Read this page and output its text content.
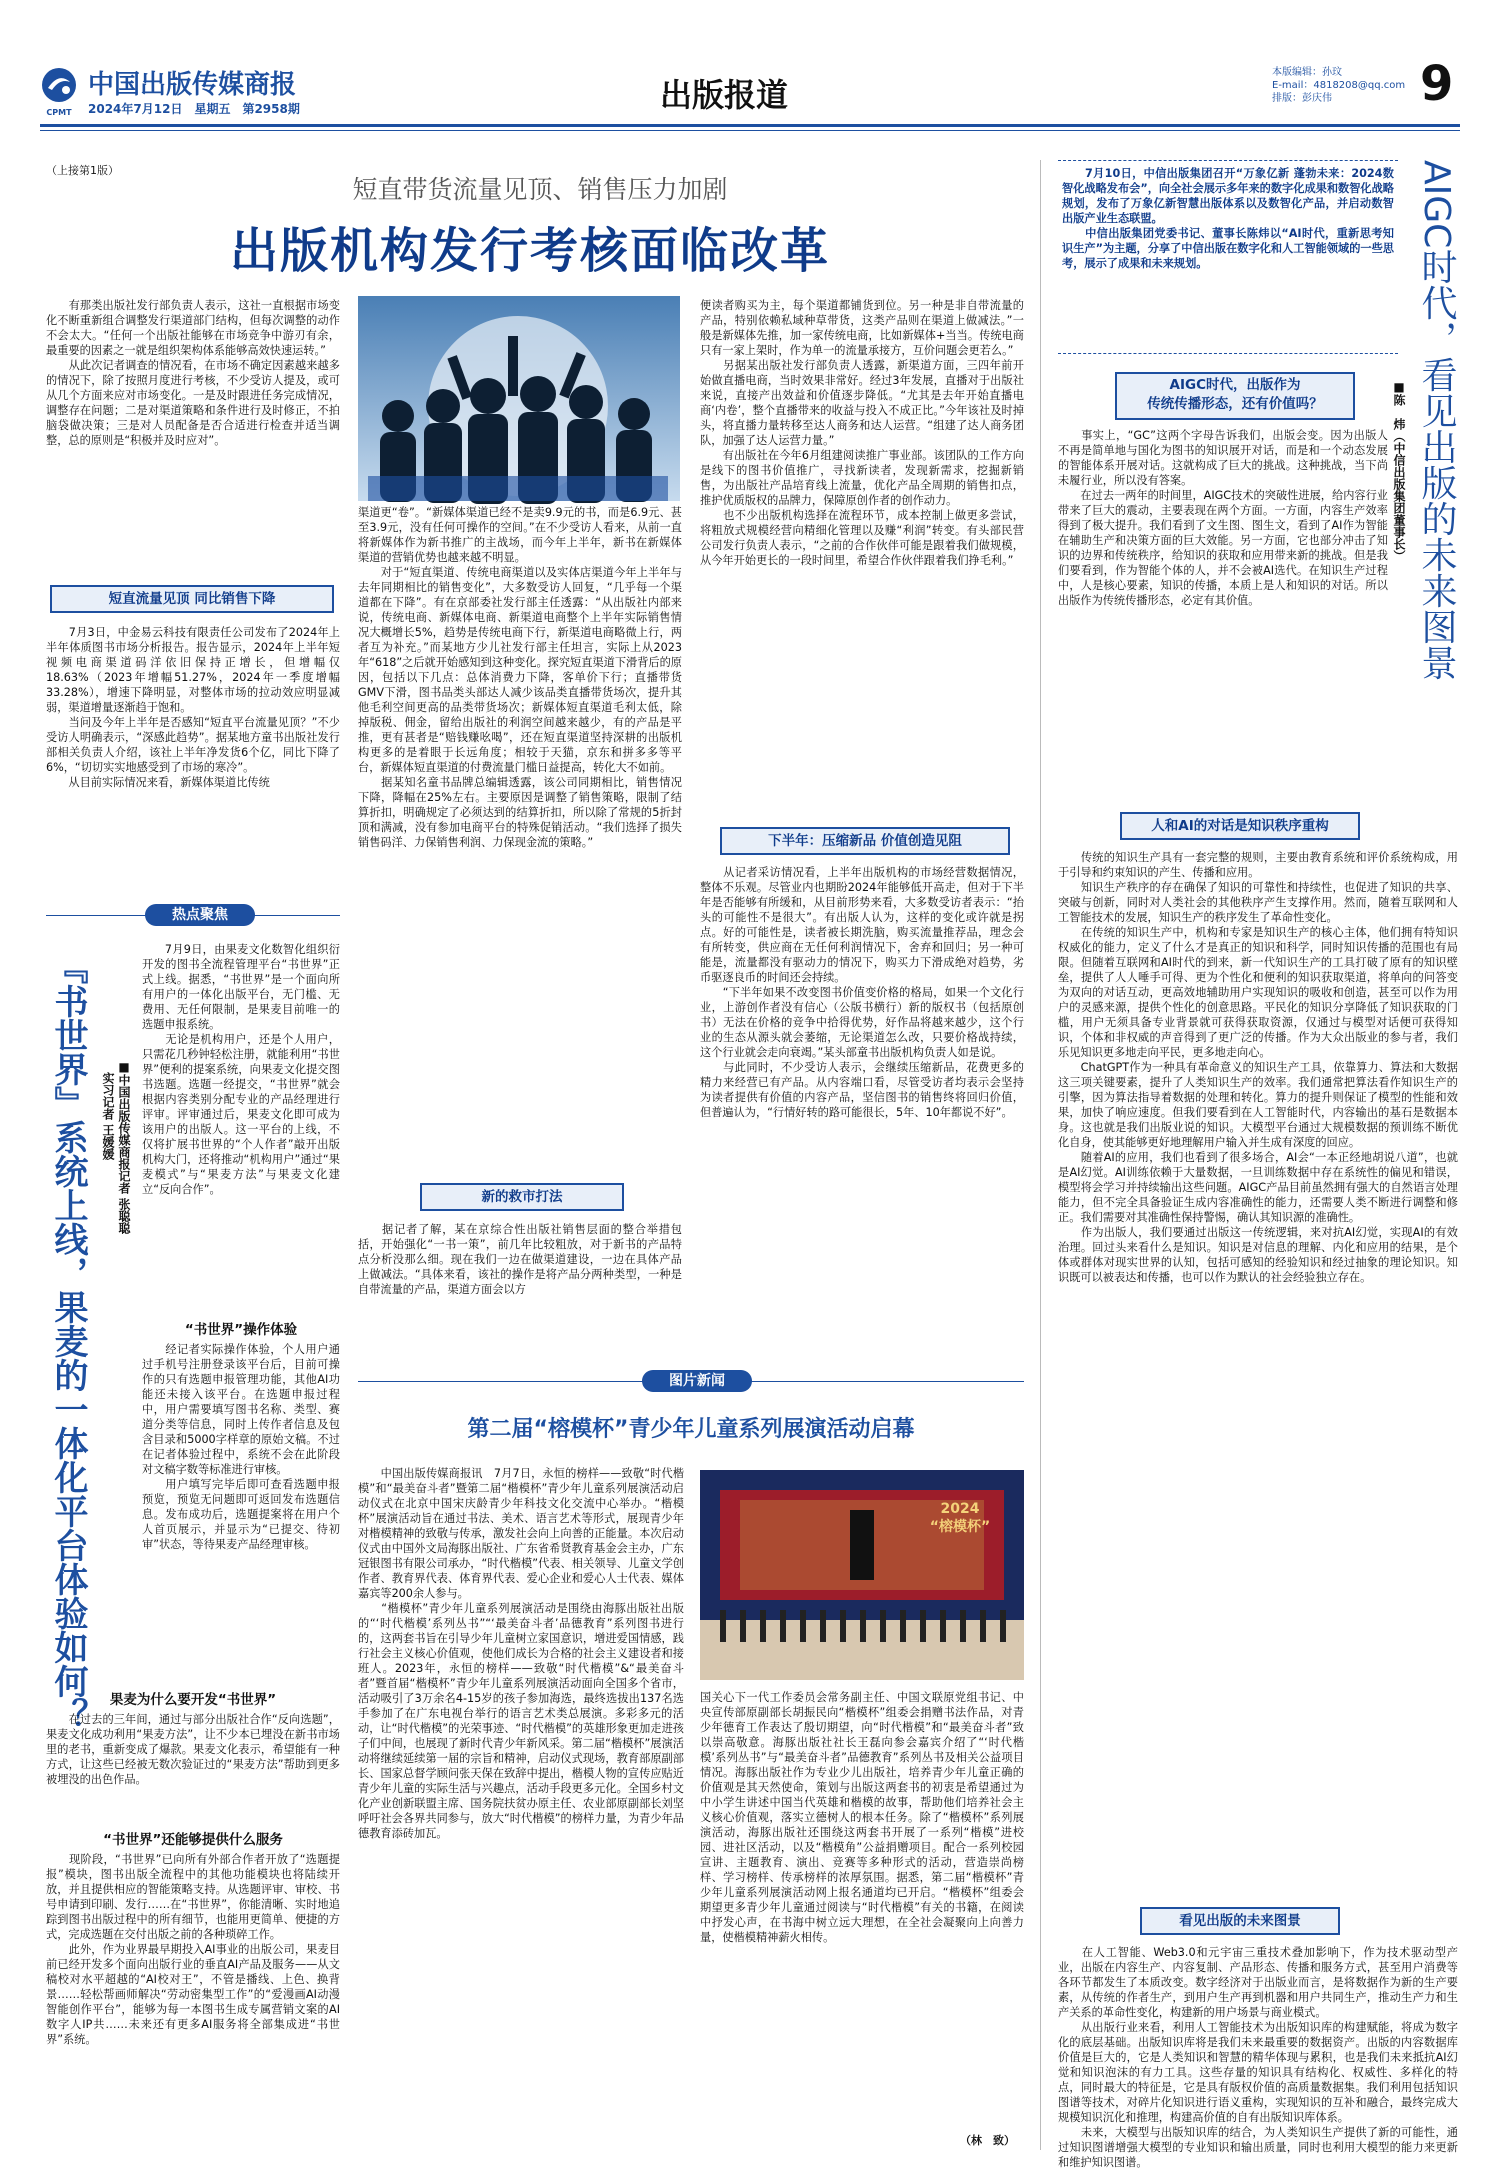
CPMT
中国出版传媒商报
2024年7月12日　星期五　第2958期	出版报道
本版编辑：孙玟
E-mail：4818208@qq.com
排版：彭庆伟	9
（上接第1版）
短直带货流量见顶、销售压力加剧
出版机构发行考核面临改革
　　有那类出版社发行部负责人表示，这社一直根据市场变化不断重新组合调整发行渠道部门结构，但每次调整的动作不会太大。“任何一个出版社能够在市场竞争中游刃有余，最重要的因素之一就是组织架构体系能够高效快速运转。”
　　从此次记者调查的情况看，在市场不确定因素越来越多的情况下，除了按照月度进行考核，不少受访人提及，或可从几个方面来应对市场变化。一是及时跟进任务完成情况，调整存在问题；二是对渠道策略和条件进行及时修正，不拍脑袋做决策；三是对人员配备是否合适进行检查并适当调整，总的原则是“积极并及时应对”。
短直流量见顶 同比销售下降
　　7月3日，中金易云科技有限责任公司发布了2024年上半年体质图书市场分析报告。报告显示，2024年上半年短视频电商渠道码洋依旧保持正增长，但增幅仅18.63%（2023年增幅51.27%，2024年一季度增幅33.28%），增速下降明显，对整体市场的拉动效应明显减弱，渠道增量逐渐趋于饱和。
　　当问及今年上半年是否感知“短直平台流量见顶？”不少受访人明确表示，“深感此趋势”。据某地方童书出版社发行部相关负责人介绍，该社上半年净发货6个亿，同比下降了6%，“切切实实地感受到了市场的寒冷”。
　　从目前实际情况来看，新媒体渠道比传统
渠道更“卷”。“新媒体渠道已经不是卖9.9元的书，而是6.9元、甚至3.9元，没有任何可操作的空间。”在不少受访人看来，从前一直将新媒体作为新书推广的主战场，而今年上半年，新书在新媒体渠道的营销优势也越来越不明显。
　　对于“短直渠道、传统电商渠道以及实体店渠道今年上半年与去年同期相比的销售变化”，大多数受访人回复，“几乎每一个渠道都在下降”。有在京部委社发行部主任透露：“从出版社内部来说，传统电商、新媒体电商、新渠道电商整个上半年实际销售情况大概增长5%，趋势是传统电商下行，新渠道电商略微上行，两者互为补充。”而某地方少儿社发行部主任坦言，实际上从2023年“618”之后就开始感知到这种变化。探究短直渠道下滑背后的原因，包括以下几点：总体消费力下降，客单价下行；直播带货GMV下滑，图书品类头部达人减少该品类直播带货场次，提升其他毛利空间更高的品类带货场次；新媒体短直渠道毛利太低，除掉版税、佣金，留给出版社的利润空间越来越少，有的产品是平推，更有甚者是“赔钱赚吆喝”，还在短直渠道坚持深耕的出版机构更多的是着眼于长远角度；相较于天猫，京东和拼多多等平台，新媒体短直渠道的付费流量门槛日益提高，转化大不如前。
　　据某知名童书品牌总编辑透露，该公司同期相比，销售情况下降，降幅在25%左右。主要原因是调整了销售策略，限制了结算折扣，明确规定了必须达到的结算折扣，所以除了常规的5折封顶和满减，没有参加电商平台的特殊促销活动。“我们选择了损失销售码洋、力保销售利润、力保现金流的策略。”
新的救市打法
　　据记者了解，某在京综合性出版社销售层面的整合举措包括，开始强化“一书一策”，前几年比较粗放，对于新书的产品特点分析没那么细。现在我们一边在做渠道建设，一边在具体产品上做减法。“具体来看，该社的操作是将产品分两种类型，一种是自带流量的产品，渠道方面会以方
便读者购买为主，每个渠道都铺货到位。另一种是非自带流量的产品，特别依赖私域种草带货，这类产品则在渠道上做减法。”一般是新媒体先推，加一家传统电商，比如新媒体+当当。传统电商只有一家上架时，作为单一的流量承接方，互价问题会更若么。”
　　另据某出版社发行部负责人透露，新渠道方面，三四年前开始做直播电商，当时效果非常好。经过3年发展，直播对于出版社来说，直接产出效益和价值逐步降低。“尤其是去年开始直播电商‘内卷’，整个直播带来的收益与投入不成正比。”今年该社及时掉头，将直播力量转移至达人商务和达人运营。“组建了达人商务团队，加强了达人运营力量。”
　　有出版社在今年6月组建阅读推广事业部。该团队的工作方向是线下的图书价值推广，寻找新读者，发现新需求，挖掘新销售，为出版社产品培育线上流量，优化产品全周期的销售扣点，推护优质版权的品牌力，保障原创作者的创作动力。
　　也不少出版机构选择在流程环节，成本控制上做更多尝试，将粗放式规模经营向精细化管理以及赚“利润”转变。有头部民营公司发行负责人表示，“之前的合作伙伴可能是跟着我们做规模，从今年开始更长的一段时间里，希望合作伙伴跟着我们挣毛利。”
下半年：压缩新品 价值创造见阻
　　从记者采访情况看，上半年出版机构的市场经营数据情况，整体不乐观。尽管业内也期盼2024年能够低开高走，但对于下半年是否能够有所缓和，从目前形势来看，大多数受访者表示：“抬头的可能性不是很大”。有出版人认为，这样的变化或许就是拐点。好的可能性是，读者被长期洗脑，购买流量推荐品，理念会有所转变，供应商在无任何利润情况下，舍弃和回归；另一种可能是，流量都没有驱动力的情况下，购买力下滑成绝对趋势，劣币驱逐良币的时间还会持续。
　　“下半年如果不改变图书价值变价格的格局，如果一个文化行业，上游创作者没有信心（公版书横行）新的版权书（包括原创书）无法在价格的竞争中拾得优势，好作品将越来越少，这个行业的生态从源头就会萎缩，无论渠道怎么改，只要价格战持续，这个行业就会走向衰竭。”某头部童书出版机构负责人如是说。
　　与此同时，不少受访人表示，会继续压缩新品，花费更多的精力来经营已有产品。从内容端口看，尽管受访者均表示会坚持为读者提供有价值的内容产品，坚信图书的销售终将回归价值，但普遍认为，“行情好转的路可能很长，5年、10年都说不好”。
热点聚焦
『书世界』系统上线，果麦的一体化平台体验如何？	■中国出版传媒商报记者 张聪聪
　实习记者 王媛媛
　　7月9日，由果麦文化数智化组织衍开发的图书全流程管理平台“书世界”正式上线。据悉，“书世界”是一个面向所有用户的一体化出版平台，无门槛、无费用、无任何限制，是果麦目前唯一的选题申报系统。
　　无论是机构用户，还是个人用户，只需花几秒钟轻松注册，就能利用“书世界”便利的提案系统，向果麦文化提交图书选题。选题一经提交，“书世界”就会根据内容类别分配专业的产品经理进行评审。评审通过后，果麦文化即可成为该用户的出版人。这一平台的上线，不仅将扩展书世界的“个人作者”敲开出版机构大门，还将推动“机构用户”通过“果麦模式”与“果麦方法”与果麦文化建立“反向合作”。
“书世界”操作体验
　　经记者实际操作体验，个人用户通过手机号注册登录该平台后，目前可操作的只有选题申报管理功能，其他AI功能还未接入该平台。在选题申报过程中，用户需要填写图书名称、类型、赛道分类等信息，同时上传作者信息及包含目录和5000字样章的原始文稿。不过在记者体验过程中，系统不会在此阶段对文稿字数等标准进行审核。
　　用户填写完毕后即可查看选题申报预览，预览无问题即可返回发布选题信息。发布成功后，选题提案将在用户个人首页展示，并显示为“已提交、待初审”状态，等待果麦产品经理审核。
果麦为什么要开发“书世界”
　　在过去的三年间，通过与部分出版社合作“反向选题”，果麦文化成功利用“果麦方法”，让不少本已埋没在新书市场里的老书，重新变成了爆款。果麦文化表示，希望能有一种方式，让这些已经被无数次验证过的“果麦方法”帮助到更多被埋没的出色作品。
“书世界”还能够提供什么服务
　　现阶段，“书世界”已向所有外部合作者开放了“选题提报”模块，图书出版全流程中的其他功能模块也将陆续开放，并且提供相应的智能策略支持。从选题评审、审校、书号申请到印刷、发行……在“书世界”，你能清晰、实时地追踪到图书出版过程中的所有细节，也能用更简单、便捷的方式，完成选题在交付出版之前的各种琐碎工作。
　　此外，作为业界最早期投入AI事业的出版公司，果麦目前已经开发多个面向出版行业的垂直AI产品及服务——从文稿校对水平超越的“AI校对王”，不管是播线、上色、换背景……轻松帮画师解决“劳动密集型工作”的“爱漫画AI动漫智能创作平台”，能够为每一本图书生成专属营销文案的AI数字人IP共……未来还有更多AI服务将全部集成进“书世界”系统。
图片新闻
第二届“榕模杯”青少年儿童系列展演活动启幕
2024
“榕模杯”
　　中国出版传媒商报讯　7月7日，永恒的榜样——致敬“时代楷模”和“最美奋斗者”暨第二届“楷模杯”青少年儿童系列展演活动启动仪式在北京中国宋庆龄青少年科技文化交流中心举办。“楷模杯”展演活动旨在通过书法、美术、语言艺术等形式，展现青少年对楷模精神的致敬与传承，激发社会向上向善的正能量。本次启动仪式由中国外文局海豚出版社、广东省希贤教育基金会主办，广东冠银图书有限公司承办，“时代楷模”代表、相关领导、儿童文学创作者、教育界代表、体育界代表、爱心企业和爱心人士代表、媒体嘉宾等200余人参与。
　　“楷模杯”青少年儿童系列展演活动是围绕由海豚出版社出版的“‘时代楷模’系列丛书”“‘最美奋斗者’品德教育”系列图书进行的，这两套书旨在引导少年儿童树立家国意识，增进爱国情感，践行社会主义核心价值观，使他们成长为合格的社会主义建设者和接班人。2023年，永恒的榜样——致敬“时代楷模”&“最美奋斗者”暨首届“楷模杯”青少年儿童系列展演活动面向全国多个省市，活动吸引了3万余名4-15岁的孩子参加海选，最终选拔出137名选手参加了在广东电视台举行的语言艺术类总展演。多彩多元的活动，让“时代楷模”的光荣事迹、“时代楷模”的英雄形象更加走进孩子们中间，也展现了新时代青少年新风采。第二届“楷模杯”展演活动将继续延续第一届的宗旨和精神，启动仪式现场，教育部原副部长、国家总督学顾问张天保在致辞中提出，楷模人物的宣传应贴近青少年儿童的实际生活与兴趣点，活动手段更多元化。全国乡村文化产业创新联盟主席、国务院扶贫办原主任、农业部原副部长刘坚呼吁社会各界共同参与，放大“时代楷模”的榜样力量，为青少年品德教育添砖加瓦。
国关心下一代工作委员会常务副主任、中国文联原党组书记、中央宣传部原副部长胡振民向“楷模杯”组委会捐赠书法作品，对青少年德育工作表达了殷切期望，向“时代楷模”和“最美奋斗者”致以崇高敬意。海豚出版社社长王磊向参会嘉宾介绍了“‘时代楷模’系列丛书”与“最美奋斗者”品德教育”系列丛书及相关公益项目情况。海豚出版社作为专业少儿出版社，培养青少年儿童正确的价值观是其天然使命，策划与出版这两套书的初衷是希望通过为中小学生讲述中国当代英雄和楷模的故事，帮助他们培养社会主义核心价值观，落实立德树人的根本任务。除了“楷模杯”系列展演活动，海豚出版社还围绕这两套书开展了一系列“楷模”进校园、进社区活动，以及“楷模角”公益捐赠项目。配合一系列校园宣讲、主题教育、演出、竞赛等多种形式的活动，营造崇尚榜样、学习榜样、传承榜样的浓厚氛围。据悉，第二届“楷模杯”青少年儿童系列展演活动网上报名通道均已开启。“楷模杯”组委会期望更多青少年儿童通过阅读与“时代楷模”有关的书籍，在阅读中抒发心声，在书海中树立远大理想，在全社会凝聚向上向善力量，使楷模精神薪火相传。
（林　致）
　　7月10日，中信出版集团召开“万象亿新 蓬勃未来：2024数智化战略发布会”，向全社会展示多年来的数字化成果和数智化战略规划，发布了万象亿新智慧出版体系以及数智化产品，并启动数智出版产业生态联盟。
　　中信出版集团党委书记、董事长陈炜以“AI时代，重新思考知识生产”为主题，分享了中信出版在数字化和人工智能领域的一些思考，展示了成果和未来规划。	AIGC时代，看见出版的未来图景
■陈　炜（中信出版集团董事长）
AIGC时代，出版作为
传统传播形态，还有价值吗？
　　事实上，“GC”这两个字母告诉我们，出版会变。因为出版人不再是简单地与国化为图书的知识展开对话，而是和一个动态发展的智能体系开展对话。这就构成了巨大的挑战。这种挑战，当下尚未履行业，所以没有答案。
　　在过去一两年的时间里，AIGC技术的突破性进展，给内容行业带来了巨大的震动，主要表现在两个方面。一方面，内容生产效率得到了极大提升。我们看到了文生图、图生文，看到了AI作为智能在辅助生产和决策方面的巨大效能。另一方面，它也部分冲击了知识的边界和传统秩序，给知识的获取和应用带来新的挑战。但是我们要看到，作为智能个体的人，并不会被AI选代。在知识生产过程中，人是核心要素，知识的传播，本质上是人和知识的对话。所以出版作为传统传播形态，必定有其价值。
人和AI的对话是知识秩序重构
　　传统的知识生产具有一套完整的规则，主要由教育系统和评价系统构成，用于引导和约束知识的产生、传播和应用。
　　知识生产秩序的存在确保了知识的可靠性和持续性，也促进了知识的共享、突破与创新，同时对人类社会的其他秩序产生支撑作用。然而，随着互联网和人工智能技术的发展，知识生产的秩序发生了革命性变化。
　　在传统的知识生产中，机构和专家是知识生产的核心主体，他们拥有特知识权威化的能力，定义了什么才是真正的知识和科学，同时知识传播的范围也有局限。但随着互联网和AI时代的到来，新一代知识生产的工具打破了原有的知识壁垒，提供了人人唾手可得、更为个性化和便利的知识获取渠道，将单向的问答变为双向的对话互动，更高效地辅助用户实现知识的吸收和创造，甚至可以作为用户的灵感来源，提供个性化的创意思路。平民化的知识分享降低了知识获取的门槛，用户无须具备专业背景就可获得获取资源，仅通过与模型对话便可获得知识，个体和非权威的声音得到了更广泛的传播。作为大众出版业的参与者，我们乐见知识更多地走向平民，更多地走向心。
　　ChatGPT作为一种具有革命意义的知识生产工具，依靠算力、算法和大数据这三项关键要素，提升了人类知识生产的效率。我们通常把算法看作知识生产的引擎，因为算法指导着数据的处理和转化。算力的提升则保证了模型的性能和效果，加快了响应速度。但我们要看到在人工智能时代，内容输出的基石是数据本身。这也就是我们出版业说的知识。大模型平台通过大规模数据的预训练不断优化自身，使其能够更好地理解用户输入并生成有深度的回应。
　　随着AI的应用，我们也看到了很多场合，AI会“一本正经地胡说八道”，也就是AI幻觉。AI训练依赖于大量数据，一旦训练数据中存在系统性的偏见和错误，模型将会学习并持续输出这些问题。AIGC产品目前虽然拥有强大的自然语言处理能力，但不完全具备验证生成内容准确性的能力，还需要人类不断进行调整和修正。我们需要对其准确性保持警惕，确认其知识源的准确性。
　　作为出版人，我们要通过出版这一传统逻辑，来对抗AI幻觉，实现AI的有效治理。回过头来看什么是知识。知识是对信息的理解、内化和应用的结果，是个体或群体对现实世界的认知，包括可感知的经验知识和经过抽象的理论知识。知识既可以被表达和传播，也可以作为默认的社会经验独立存在。
看见出版的未来图景
　　在人工智能、Web3.0和元宇宙三重技术叠加影响下，作为技术驱动型产业，出版在内容生产、内容复制、产品形态、传播和服务方式，甚至用户消费等各环节都发生了本质改变。数字经济对于出版业而言，是将数据作为新的生产要素，从传统的作者生产，到用户生产再到机器和用户共同生产，推动生产力和生产关系的革命性变化，构建新的用户场景与商业模式。
　　从出版行业来看，利用人工智能技术为出版知识库的构建赋能，将成为数字化的底层基础。出版知识库将是我们未来最重要的数据资产。出版的内容数据库价值是巨大的，它是人类知识和智慧的精华体现与累积，也是我们未来抵抗AI幻觉和知识泡沫的有力工具。这些存量的知识具有结构化、权威性、多样化的特点，同时最大的特征是，它是具有版权价值的高质量数据集。我们利用包括知识图谱等技术，对碎片化知识进行语义重构，实现知识的互补和融合，最终完成大规模知识沉化和推理，构建高价值的自有出版知识库体系。
　　未来，大模型与出版知识库的结合，为人类知识生产提供了新的可能性，通过知识图谱增强大模型的专业知识和输出质量，同时也利用大模型的能力来更新和维护知识图谱。
